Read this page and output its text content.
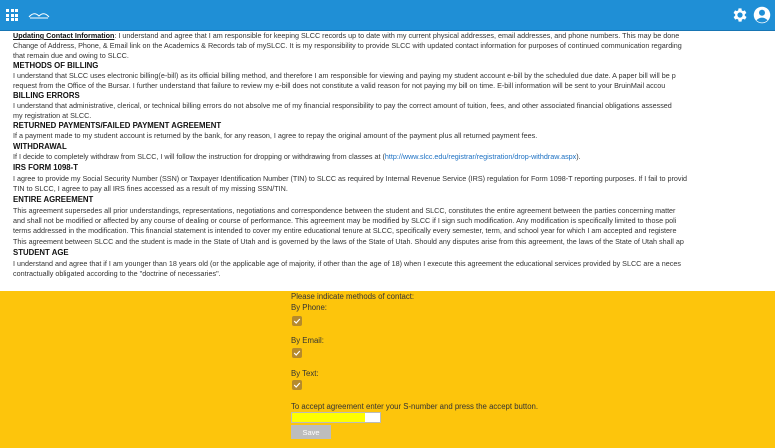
Updating Contact Information: I understand and agree that I am responsible for keeping SLCC records up to date with my current physical addresses, email addresses, and phone numbers. This may be done
Change of Address, Phone, & Email link on the Academics & Records tab of mySLCC. It is my responsibility to provide SLCC with updated contact information for purposes of continued communication regarding
that remain due and owing to SLCC.
METHODS OF BILLING
I understand that SLCC uses electronic billing(e-bill) as its official billing method, and therefore I am responsible for viewing and paying my student account e-bill by the scheduled due date. A paper bill will be p
request from the Office of the Bursar. I further understand that failure to review my e-bill does not constitute a valid reason for not paying my bill on time. E-bill information will be sent to your BruinMail accou
BILLING ERRORS
I understand that administrative, clerical, or technical billing errors do not absolve me of my financial responsibility to pay the correct amount of tuition, fees, and other associated financial obligations assessed
my registration at SLCC.
RETURNED PAYMENTS/FAILED PAYMENT AGREEMENT
If a payment made to my student account is returned by the bank, for any reason, I agree to repay the original amount of the payment plus all returned payment fees.
WITHDRAWAL
If I decide to completely withdraw from SLCC, I will follow the instruction for dropping or withdrawing from classes at (http://www.slcc.edu/registrar/registration/drop-withdraw.aspx).
IRS FORM 1098-T
I agree to provide my Social Security Number (SSN) or Taxpayer Identification Number (TIN) to SLCC as required by Internal Revenue Service (IRS) regulation for Form 1098-T reporting purposes. If I fail to provid
TIN to SLCC, I agree to pay all IRS fines accessed as a result of my missing SSN/TIN.
ENTIRE AGREEMENT
This agreement supersedes all prior understandings, representations, negotiations and correspondence between the student and SLCC, constitutes the entire agreement between the parties concerning matter
and shall not be modified or affected by any course of dealing or course of performance. This agreement may be modified by SLCC if I sign such modification. Any modification is specifically limited to those poli
terms addressed in the modification. This financial statement is intended to cover my entire educational tenure at SLCC, specifically every semester, term, and school year for which I am accepted and registere
This agreement between SLCC and the student is made in the State of Utah and is governed by the laws of the State of Utah. Should any disputes arise from this agreement, the laws of the State of Utah shall ap
STUDENT AGE
I understand and agree that if I am younger than 18 years old (or the applicable age of majority, if other than the age of 18) when I execute this agreement the educational services provided by SLCC are a neces
contractually obligated according to the "doctrine of necessaries".
Please indicate methods of contact:
By Phone:
By Email:
By Text:
To accept agreement enter your S-number and press the accept button.
Save
